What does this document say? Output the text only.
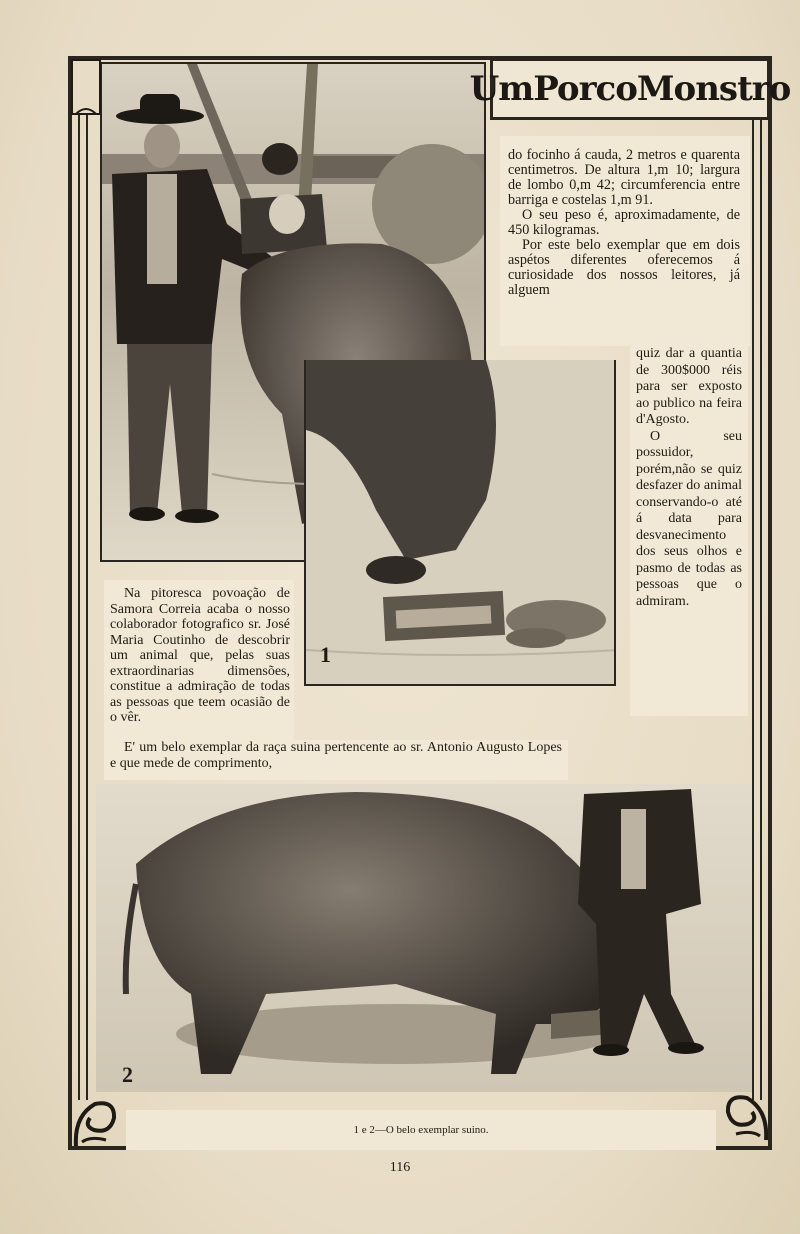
1
UmPorcoMonstro

do focinho á cauda, 2 metros e quarenta centimetros. De altura 1,m 10; largura de lombo 0,m 42; circumferencia entre barriga e costelas 1,m 91.

O seu peso é, aproximadamente, de 450 kilogramas.

Por este belo exemplar que em dois aspétos diferentes oferecemos á curiosidade dos nossos leitores, já alguem

quiz dar a quantia de 300$000 réis para ser exposto ao publico na feira d'Agosto.

O seu possuidor, porém,não se quiz desfazer do animal conservando-o até á data para desvanecimento dos seus olhos e pasmo de todas as pessoas que o admiram.

Na pitoresca povoação de Samora Correia acaba o nosso colaborador fotografico sr. José Maria Coutinho de descobrir um animal que, pelas suas extraordinarias dimensões, constitue a admiração de todas as pessoas que teem ocasião de o vêr.

E' um belo exemplar da raça suina pertencente ao sr. Antonio Augusto Lopes e que mede de comprimento,

2
1 e 2—O belo exemplar suino.
116
